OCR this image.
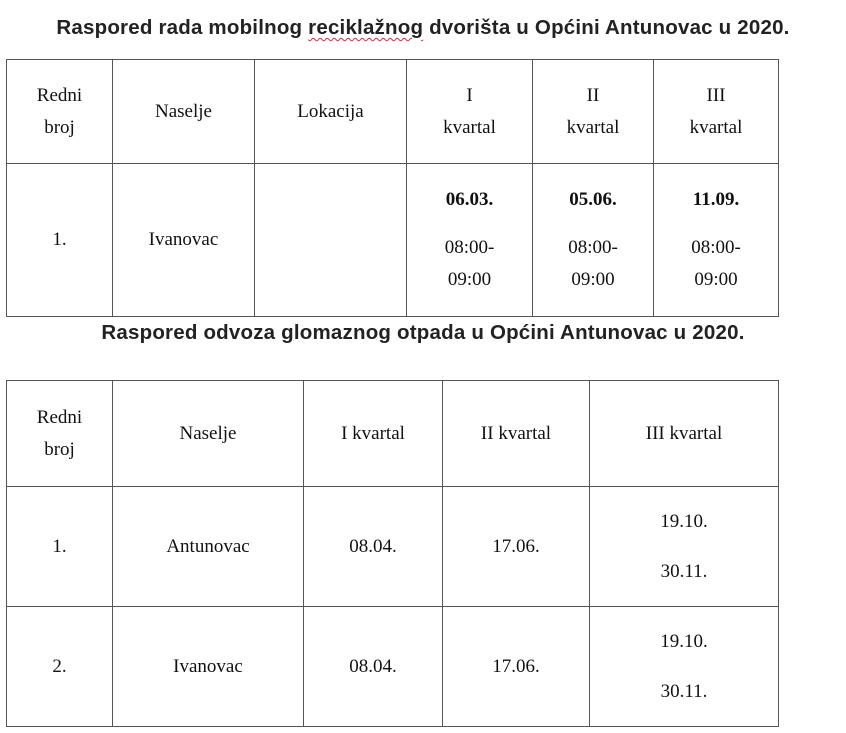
Raspored rada mobilnog reciklažnog dvorišta u Općini Antunovac u 2020.
Redni
broj	Naselje	Lokacija	I
kvartal	II
kvartal	III
kvartal

1.	Ivanovac		06.03.
08:00-
09:00	05.06.
08:00-
09:00	11.09.
08:00-
09:00
Raspored odvoza glomaznog otpada u Općini Antunovac u 2020.
Redni
broj	Naselje	I kvartal	II kvartal	III kvartal
1.	Antunovac	08.04.	17.06.	19.10.
30.11.

2.	Ivanovac	08.04.	17.06.	19.10.
30.11.
